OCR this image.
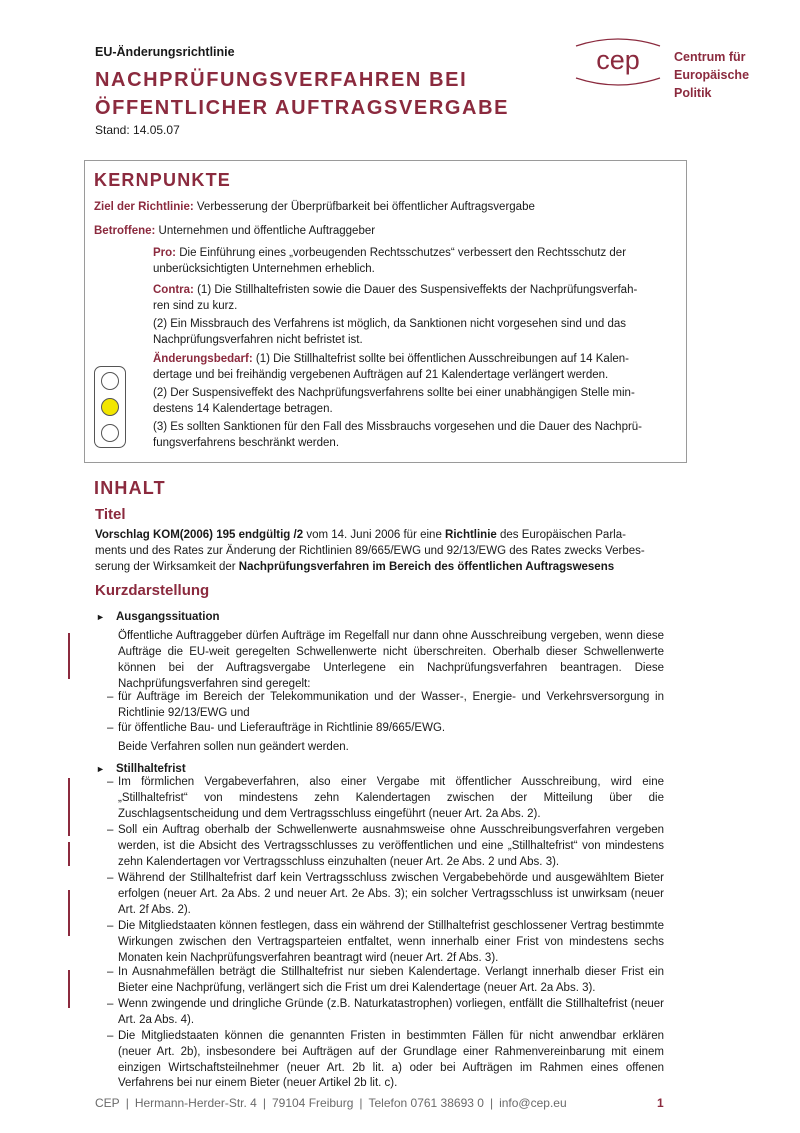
EU-Änderungsrichtlinie
NACHPRÜFUNGSVERFAHREN BEI
ÖFFENTLICHER AUFTRAGSVERGABE
Stand: 14.05.07
cep	Centrum für
Europäische
Politik
KERNPUNKTE
Ziel der Richtlinie: Verbesserung der Überprüfbarkeit bei öffentlicher Auftragsvergabe
Betroffene: Unternehmen und öffentliche Auftraggeber
Pro: Die Einführung eines „vorbeugenden Rechtsschutzes“ verbessert den Rechtsschutz der
unberücksichtigten Unternehmen erheblich.
Contra: (1) Die Stillhaltefristen sowie die Dauer des Suspensiveffekts der Nachprüfungsverfah-
ren sind zu kurz.
(2) Ein Missbrauch des Verfahrens ist möglich, da Sanktionen nicht vorgesehen sind und das
Nachprüfungsverfahren nicht befristet ist.
Änderungsbedarf: (1) Die Stillhaltefrist sollte bei öffentlichen Ausschreibungen auf 14 Kalen-
dertage und bei freihändig vergebenen Aufträgen auf 21 Kalendertage verlängert werden.
(2) Der Suspensiveffekt des Nachprüfungsverfahrens sollte bei einer unabhängigen Stelle min-
destens 14 Kalendertage betragen.
(3) Es sollten Sanktionen für den Fall des Missbrauchs vorgesehen und die Dauer des Nachprü-
fungsverfahrens beschränkt werden.
INHALT
Titel
Vorschlag KOM(2006) 195 endgültig /2 vom 14. Juni 2006 für eine Richtlinie des Europäischen Parla-
ments und des Rates zur Änderung der Richtlinien 89/665/EWG und 92/13/EWG des Rates zwecks Verbes-
serung der Wirksamkeit der Nachprüfungsverfahren im Bereich des öffentlichen Auftragswesens
Kurzdarstellung
► Ausgangssituation
Öffentliche Auftraggeber dürfen Aufträge im Regelfall nur dann ohne Ausschreibung vergeben, wenn diese Aufträge die EU-weit geregelten Schwellenwerte nicht überschreiten. Oberhalb dieser Schwellenwerte können bei der Auftragsvergabe Unterlegene ein Nachprüfungsverfahren beantragen. Diese Nachprüfungsverfahren sind geregelt:
– für Aufträge im Bereich der Telekommunikation und der Wasser-, Energie- und Verkehrsversorgung in Richtlinie 92/13/EWG und
– für öffentliche Bau- und Lieferaufträge in Richtlinie 89/665/EWG.
Beide Verfahren sollen nun geändert werden.
► Stillhaltefrist
– Im förmlichen Vergabeverfahren, also einer Vergabe mit öffentlicher Ausschreibung, wird eine „Stillhaltefrist“ von mindestens zehn Kalendertagen zwischen der Mitteilung über die Zuschlagsentscheidung und dem Vertragsschluss eingeführt (neuer Art. 2a Abs. 2).
– Soll ein Auftrag oberhalb der Schwellenwerte ausnahmsweise ohne Ausschreibungsverfahren vergeben werden, ist die Absicht des Vertragsschlusses zu veröffentlichen und eine „Stillhaltefrist“ von mindestens zehn Kalendertagen vor Vertragsschluss einzuhalten (neuer Art. 2e Abs. 2 und Abs. 3).
– Während der Stillhaltefrist darf kein Vertragsschluss zwischen Vergabebehörde und ausgewähltem Bieter erfolgen (neuer Art. 2a Abs. 2 und neuer Art. 2e Abs. 3); ein solcher Vertragsschluss ist unwirksam (neuer Art. 2f Abs. 2).
– Die Mitgliedstaaten können festlegen, dass ein während der Stillhaltefrist geschlossener Vertrag bestimmte Wirkungen zwischen den Vertragsparteien entfaltet, wenn innerhalb einer Frist von mindestens sechs Monaten kein Nachprüfungsverfahren beantragt wird (neuer Art. 2f Abs. 3).
– In Ausnahmefällen beträgt die Stillhaltefrist nur sieben Kalendertage. Verlangt innerhalb dieser Frist ein Bieter eine Nachprüfung, verlängert sich die Frist um drei Kalendertage (neuer Art. 2a Abs. 3).
– Wenn zwingende und dringliche Gründe (z.B. Naturkatastrophen) vorliegen, entfällt die Stillhaltefrist (neuer Art. 2a Abs. 4).
– Die Mitgliedstaaten können die genannten Fristen in bestimmten Fällen für nicht anwendbar erklären (neuer Art. 2b), insbesondere bei Aufträgen auf der Grundlage einer Rahmenvereinbarung mit einem einzigen Wirtschaftsteilnehmer (neuer Art. 2b lit. a) oder bei Aufträgen im Rahmen eines offenen Verfahrens bei nur einem Bieter (neuer Artikel 2b lit. c).
CEP | Hermann-Herder-Str. 4 | 79104 Freiburg | Telefon 0761 38693 0 | info@cep.eu	1
